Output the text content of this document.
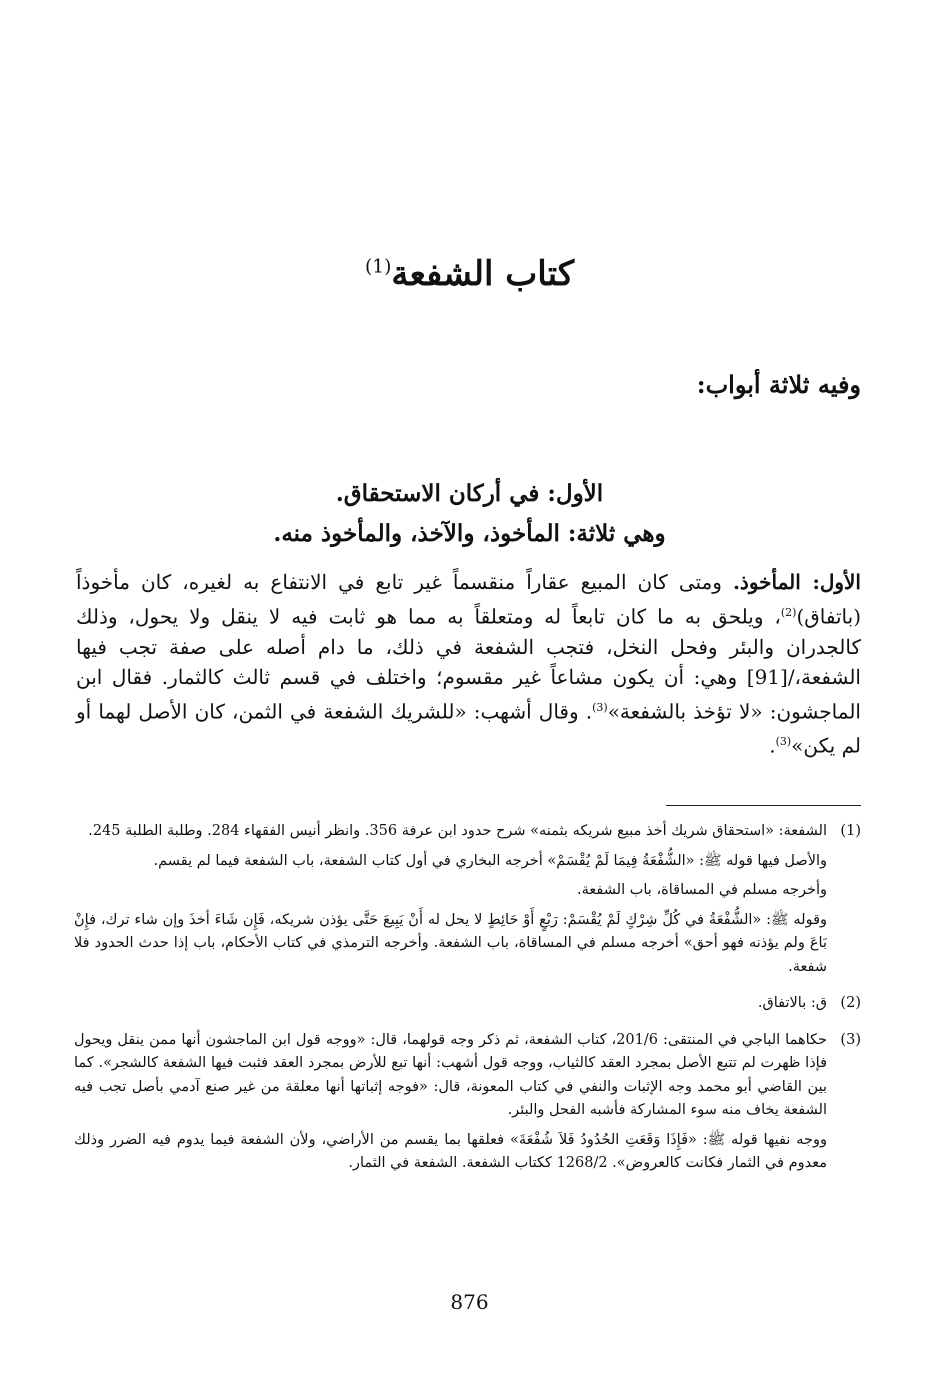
كتاب الشفعة$^{(1)}$
وفيه ثلاثة أبواب:
الأول: في أركان الاستحقاق.
وهي ثلاثة: المأخوذ، والآخذ، والمأخوذ منه.

الأول: المأخوذ. ومتى كان المبيع عقاراً منقسماً غير تابع في الانتفاع به لغيره، كان مأخوذاً (باتفاق)$^{(2)}$، ويلحق به ما كان تابعاً له ومتعلقاً به مما هو ثابت فيه لا ينقل ولا يحول، وذلك كالجدران والبئر وفحل النخل، فتجب الشفعة في ذلك، ما دام أصله على صفة تجب فيها الشفعة،/[91] وهي: أن يكون مشاعاً غير مقسوم؛ واختلف في قسم ثالث كالثمار. فقال ابن الماجشون: «لا تؤخذ بالشفعة»$^{(3)}$. وقال أشهب: «للشريك الشفعة في الثمن، كان الأصل لهما أو لم يكن»$^{(3)}$.

(1)

الشفعة: «استحقاق شريك أخذ مبيع شريكه بثمنه» شرح حدود ابن عرفة 356. وانظر أنيس الفقهاء 284. وطلبة الطلبة 245.

والأصل فيها قوله ﷺ: «الشُّفْعَةُ فِيمَا لَمْ يُقْسَمْ» أخرجه البخاري في أول كتاب الشفعة، باب الشفعة فيما لم يقسم.

وأخرجه مسلم في المساقاة، باب الشفعة.

وقوله ﷺ: «الشُّفْعَةُ في كُلِّ شِرْكٍ لَمْ يُقْسَمْ: رَبْعٍ أَوْ حَائِطٍ لا يحل له أَنْ يَبِيعَ حَتَّى يؤذن شريكه، فَإِن شَاءَ أخذَ وإن شاء ترك، فإِنْ بَاعَ ولم يؤذنه فهو أحق» أخرجه مسلم في المساقاة، باب الشفعة. وأخرجه الترمذي في كتاب الأحكام، باب إذا حدث الحدود فلا شفعة.

(2)

ق: بالاتفاق.

(3)

حكاهما الباجي في المنتقى: 201/6، كتاب الشفعة، ثم ذكر وجه قولهما، قال: «ووجه قول ابن الماجشون أنها ممن ينقل ويحول فإذا ظهرت لم تتبع الأصل بمجرد العقد كالثياب، ووجه قول أشهب: أنها تبع للأرض بمجرد العقد فثبت فيها الشفعة كالشجر». كما بين القاضي أبو محمد وجه الإثبات والنفي في كتاب المعونة، قال: «فوجه إثباتها أنها معلقة من غير صنع آدمي بأصل تجب فيه الشفعة يخاف منه سوء المشاركة فأشبه الفحل والبئر.

ووجه نفيها قوله ﷺ: «فَإِذَا وَقَعَتِ الحُدُودُ فَلاَ شُفْعَةَ» فعلقها بما يقسم من الأراضي، ولأن الشفعة فيما يدوم فيه الضرر وذلك معدوم في الثمار فكانت كالعروض». 1268/2 ككتاب الشفعة. الشفعة في الثمار.

876
